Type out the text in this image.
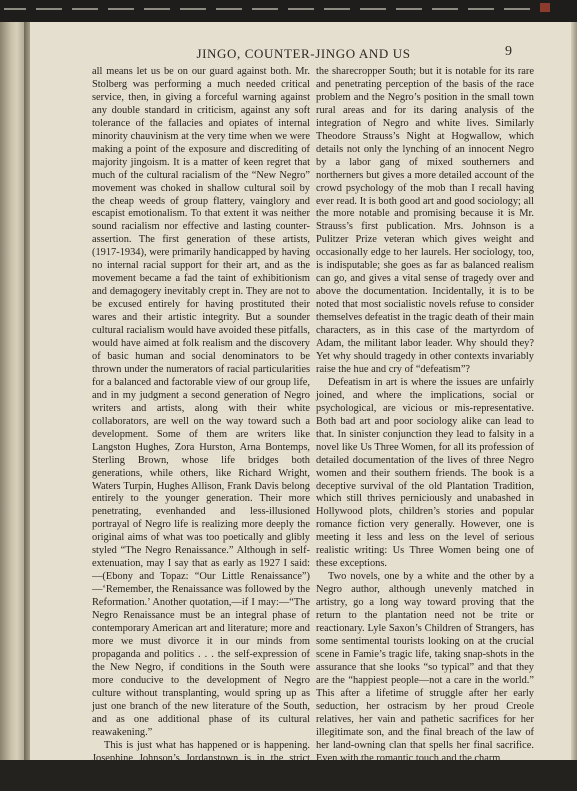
JINGO, COUNTER-JINGO AND US	9

all means let us be on our guard against both. Mr. Stolberg was performing a much needed critical service, then, in giving a forceful warning against any double standard in criticism, against any soft tolerance of the fallacies and opiates of internal minority chauvinism at the very time when we were making a point of the exposure and discrediting of majority jingoism. It is a matter of keen regret that much of the cultural racialism of the “New Negro” movement was choked in shallow cultural soil by the cheap weeds of group flattery, vainglory and escapist emotionalism. To that extent it was neither sound racialism nor effective and lasting counter-assertion. The first generation of these artists, (1917-1934), were primarily handicapped by having no internal racial support for their art, and as the movement became a fad the taint of exhibitionism and demagogery inevitably crept in. They are not to be excused entirely for having prostituted their wares and their artistic integrity. But a sounder cultural racialism would have avoided these pitfalls, would have aimed at folk realism and the discovery of basic human and social denominators to be thrown under the numerators of racial particularities for a balanced and factorable view of our group life, and in my judgment a second generation of Negro writers and artists, along with their white collaborators, are well on the way toward such a development. Some of them are writers like Langston Hughes, Zora Hurston, Arna Bontemps, Sterling Brown, whose life bridges both generations, while others, like Richard Wright, Waters Turpin, Hughes Allison, Frank Davis belong entirely to the younger generation. Their more penetrating, evenhanded and less-illusioned portrayal of Negro life is realizing more deeply the original aims of what was too poetically and glibly styled “The Negro Renaissance.” Although in self-extenuation, may I say that as early as 1927 I said:—(Ebony and Topaz: “Our Little Renaissance”)—‘Remember, the Renaissance was followed by the Reformation.’ Another quotation,—if I may:—“The Negro Renaissance must be an integral phase of contemporary American art and literature; more and more we must divorce it in our minds from propaganda and politics . . . the self-expression of the New Negro, if conditions in the South were more conducive to the development of Negro culture without transplanting, would spring up as just one branch of the new literature of the South, and as one additional phase of its cultural reawakening.”

This is just what has happened or is happening. Josephine Johnson’s Jordanstown is in the strict sense not a novel of Negro life, but a novel of the tragedy of labor organization in

the sharecropper South; but it is notable for its rare and penetrating perception of the basis of the race problem and the Negro’s position in the small town rural areas and for its daring analysis of the integration of Negro and white lives. Similarly Theodore Strauss’s Night at Hogwallow, which details not only the lynching of an innocent Negro by a labor gang of mixed southerners and northerners but gives a more detailed account of the crowd psychology of the mob than I recall having ever read. It is both good art and good sociology; all the more notable and promising because it is Mr. Strauss’s first publication. Mrs. Johnson is a Pulitzer Prize veteran which gives weight and occasionally edge to her laurels. Her sociology, too, is indisputable; she goes as far as balanced realism can go, and gives a vital sense of tragedy over and above the documentation. Incidentally, it is to be noted that most socialistic novels refuse to consider themselves defeatist in the tragic death of their main characters, as in this case of the martyrdom of Adam, the militant labor leader. Why should they? Yet why should tragedy in other contexts invariably raise the hue and cry of “defeatism”?

Defeatism in art is where the issues are unfairly joined, and where the implications, social or psychological, are vicious or mis-representative. Both bad art and poor sociology alike can lead to that. In sinister conjunction they lead to falsity in a novel like Us Three Women, for all its profession of detailed documentation of the lives of three Negro women and their southern friends. The book is a deceptive survival of the old Plantation Tradition, which still thrives perniciously and unabashed in Hollywood plots, children’s stories and popular romance fiction very generally. However, one is meeting it less and less on the level of serious realistic writing: Us Three Women being one of these exceptions.

Two novels, one by a white and the other by a Negro author, although unevenly matched in artistry, go a long way toward proving that the return to the plantation need not be trite or reactionary. Lyle Saxon’s Children of Strangers, has some sentimental tourists looking on at the crucial scene in Famie’s tragic life, taking snap-shots in the assurance that she looks “so typical” and that they are the “happiest people—not a care in the world.” This after a lifetime of struggle after her early seduction, her ostracism by her proud Creole relatives, her vain and pathetic sacrifices for her illegitimate son, and the final breach of the law of her land-owning clan that spells her final sacrifice. Even with the romantic touch and the charm
